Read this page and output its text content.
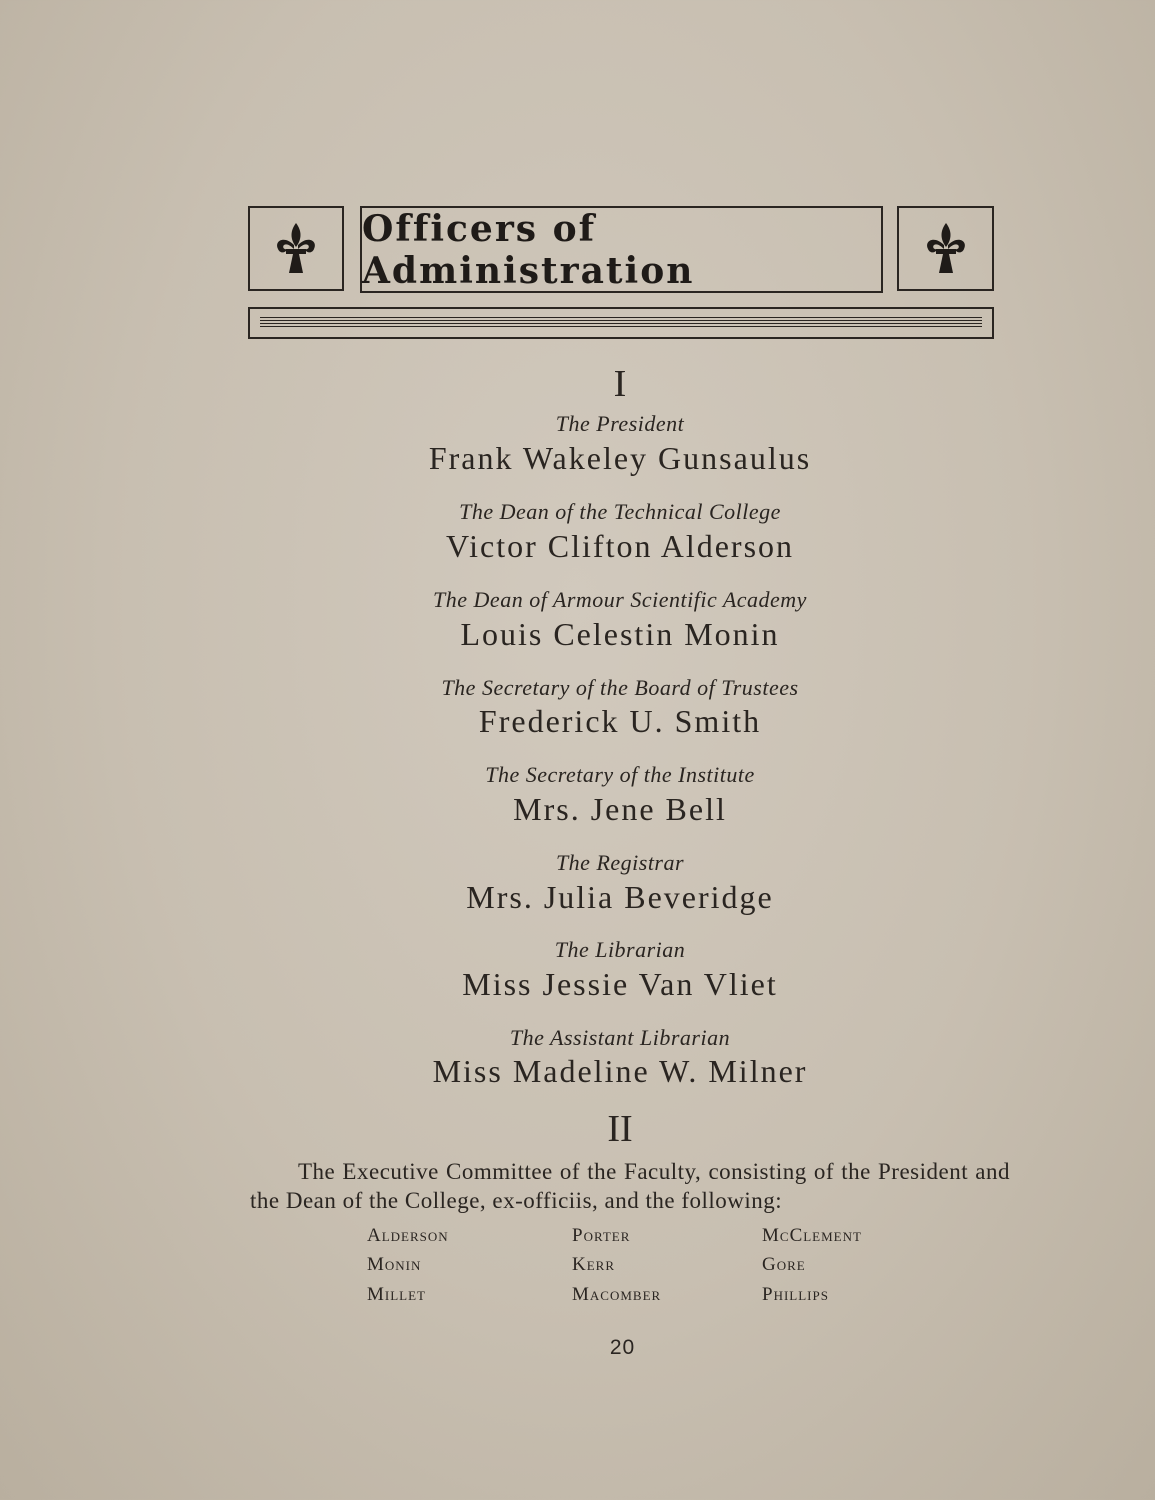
Officers of Administration
I
The President
Frank Wakeley Gunsaulus
The Dean of the Technical College
Victor Clifton Alderson
The Dean of Armour Scientific Academy
Louis Celestin Monin
The Secretary of the Board of Trustees
Frederick U. Smith
The Secretary of the Institute
Mrs. Jene Bell
The Registrar
Mrs. Julia Beveridge
The Librarian
Miss Jessie Van Vliet
The Assistant Librarian
Miss Madeline W. Milner
II

The Executive Committee of the Faculty, consisting of the President and the Dean of the College, ex-officiis, and the following:

Alderson	Porter	McClement
Monin	Kerr	Gore
Millet	Macomber	Phillips
20
